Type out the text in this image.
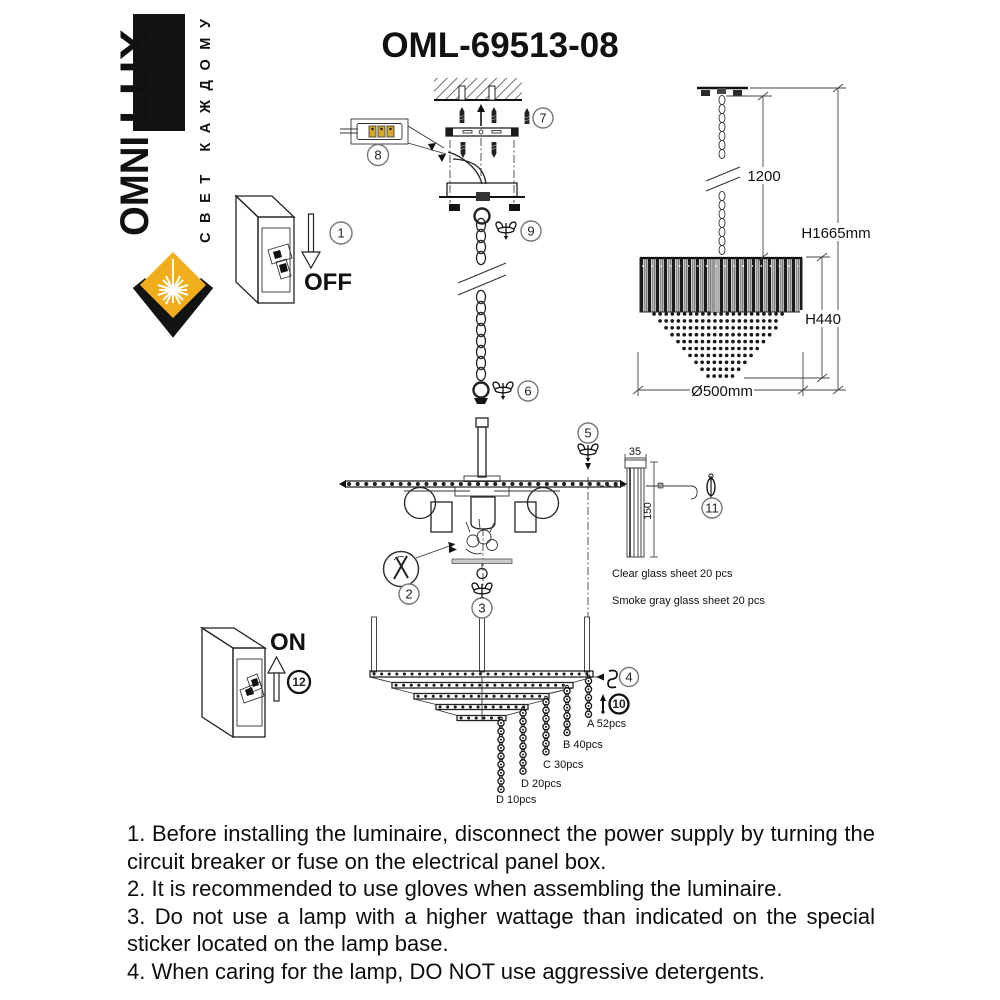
LUX
OMNI	СВЕТ КАЖДОМУ
OML-69513-08
OFF
1200
H1665mm
H440
Ø500mm
35
150
Clear glass sheet 20 pcs
Smoke gray glass sheet 20 pcs
A 52pcs
B 40pcs
C 30pcs
D 20pcs
D 10pcs
ON
1
2
3
4
5
6
7
8
9
10
11
12

1. Before installing the luminaire, disconnect the power supply by turning the circuit breaker or fuse on the electrical panel box.

2. It is recommended to use gloves when assembling the luminaire.

3. Do not use a lamp with a higher wattage than indicated on the special sticker located on the lamp base.

4. When caring for the lamp, DO NOT use aggressive detergents.
